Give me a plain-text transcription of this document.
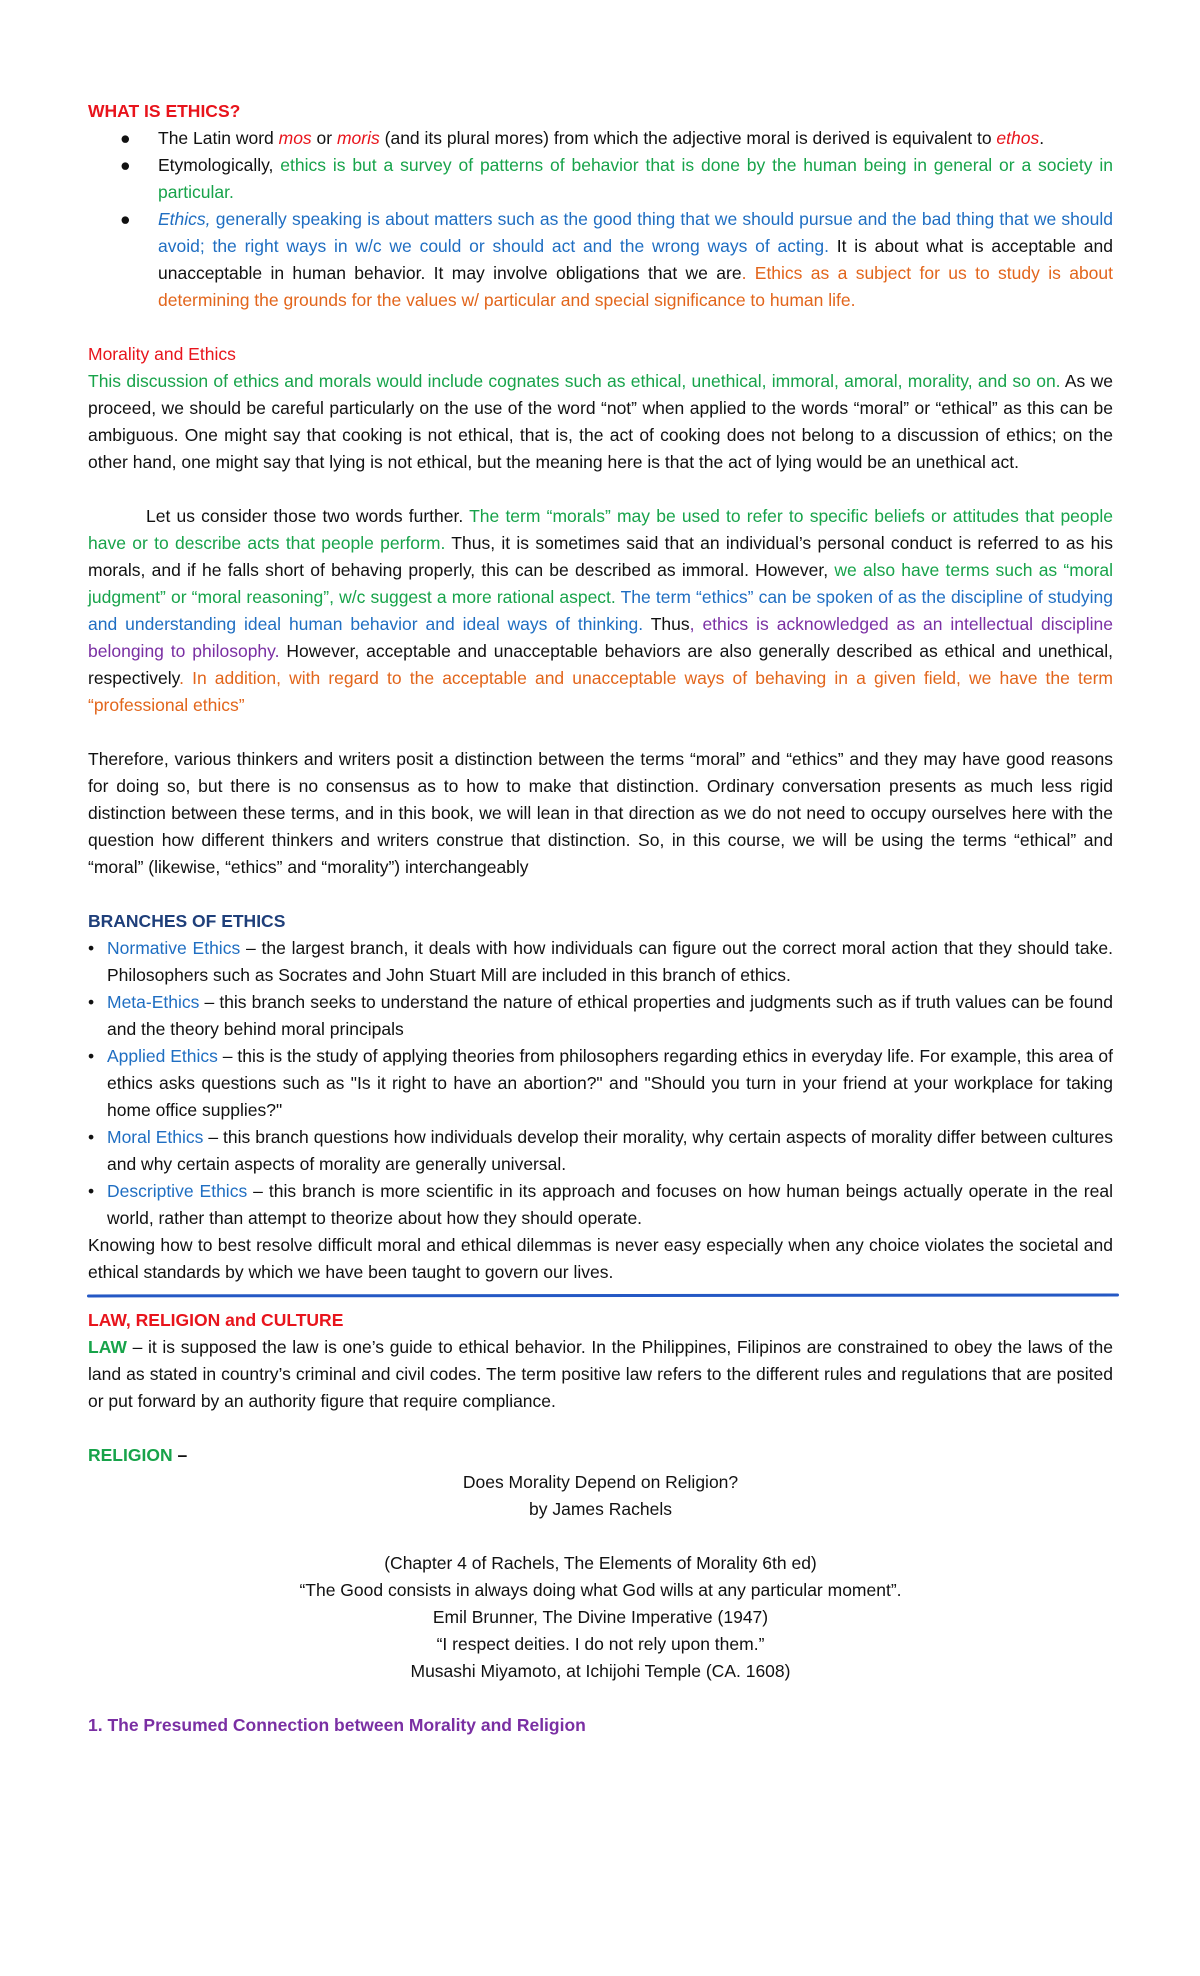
WHAT IS ETHICS?
● The Latin word mos or moris (and its plural mores) from which the adjective moral is derived is equivalent to ethos.
● Etymologically, ethics is but a survey of patterns of behavior that is done by the human being in general or a society in particular.
● Ethics, generally speaking is about matters such as the good thing that we should pursue and the bad thing that we should avoid; the right ways in w/c we could or should act and the wrong ways of acting. It is about what is acceptable and unacceptable in human behavior. It may involve obligations that we are. Ethics as a subject for us to study is about determining the grounds for the values w/ particular and special significance to human life.
Morality and Ethics

This discussion of ethics and morals would include cognates such as ethical, unethical, immoral, amoral, morality, and so on. As we proceed, we should be careful particularly on the use of the word “not” when applied to the words “moral” or “ethical” as this can be ambiguous. One might say that cooking is not ethical, that is, the act of cooking does not belong to a discussion of ethics; on the other hand, one might say that lying is not ethical, but the meaning here is that the act of lying would be an unethical act.

Let us consider those two words further. The term “morals” may be used to refer to specific beliefs or attitudes that people have or to describe acts that people perform. Thus, it is sometimes said that an individual’s personal conduct is referred to as his morals, and if he falls short of behaving properly, this can be described as immoral. However, we also have terms such as “moral judgment” or “moral reasoning”, w/c suggest a more rational aspect. The term “ethics” can be spoken of as the discipline of studying and understanding ideal human behavior and ideal ways of thinking. Thus, ethics is acknowledged as an intellectual discipline belonging to philosophy. However, acceptable and unacceptable behaviors are also generally described as ethical and unethical, respectively. In addition, with regard to the acceptable and unacceptable ways of behaving in a given field, we have the term “professional ethics”

Therefore, various thinkers and writers posit a distinction between the terms “moral” and “ethics” and they may have good reasons for doing so, but there is no consensus as to how to make that distinction. Ordinary conversation presents as much less rigid distinction between these terms, and in this book, we will lean in that direction as we do not need to occupy ourselves here with the question how different thinkers and writers construe that distinction. So, in this course, we will be using the terms “ethical” and “moral” (likewise, “ethics” and “morality”) interchangeably

BRANCHES OF ETHICS
• Normative Ethics – the largest branch, it deals with how individuals can figure out the correct moral action that they should take. Philosophers such as Socrates and John Stuart Mill are included in this branch of ethics.
• Meta-Ethics – this branch seeks to understand the nature of ethical properties and judgments such as if truth values can be found and the theory behind moral principals
• Applied Ethics – this is the study of applying theories from philosophers regarding ethics in everyday life. For example, this area of ethics asks questions such as "Is it right to have an abortion?" and "Should you turn in your friend at your workplace for taking home office supplies?"
• Moral Ethics – this branch questions how individuals develop their morality, why certain aspects of morality differ between cultures and why certain aspects of morality are generally universal.
• Descriptive Ethics – this branch is more scientific in its approach and focuses on how human beings actually operate in the real world, rather than attempt to theorize about how they should operate.

Knowing how to best resolve difficult moral and ethical dilemmas is never easy especially when any choice violates the societal and ethical standards by which we have been taught to govern our lives.

LAW, RELIGION and CULTURE

LAW – it is supposed the law is one’s guide to ethical behavior. In the Philippines, Filipinos are constrained to obey the laws of the land as stated in country’s criminal and civil codes. The term positive law refers to the different rules and regulations that are posited or put forward by an authority figure that require compliance.

RELIGION –
Does Morality Depend on Religion?
by James Rachels
(Chapter 4 of Rachels, The Elements of Morality 6th ed)
“The Good consists in always doing what God wills at any particular moment”.
Emil Brunner, The Divine Imperative (1947)
“I respect deities. I do not rely upon them.”
Musashi Miyamoto, at Ichijohi Temple (CA. 1608)
1. The Presumed Connection between Morality and Religion
